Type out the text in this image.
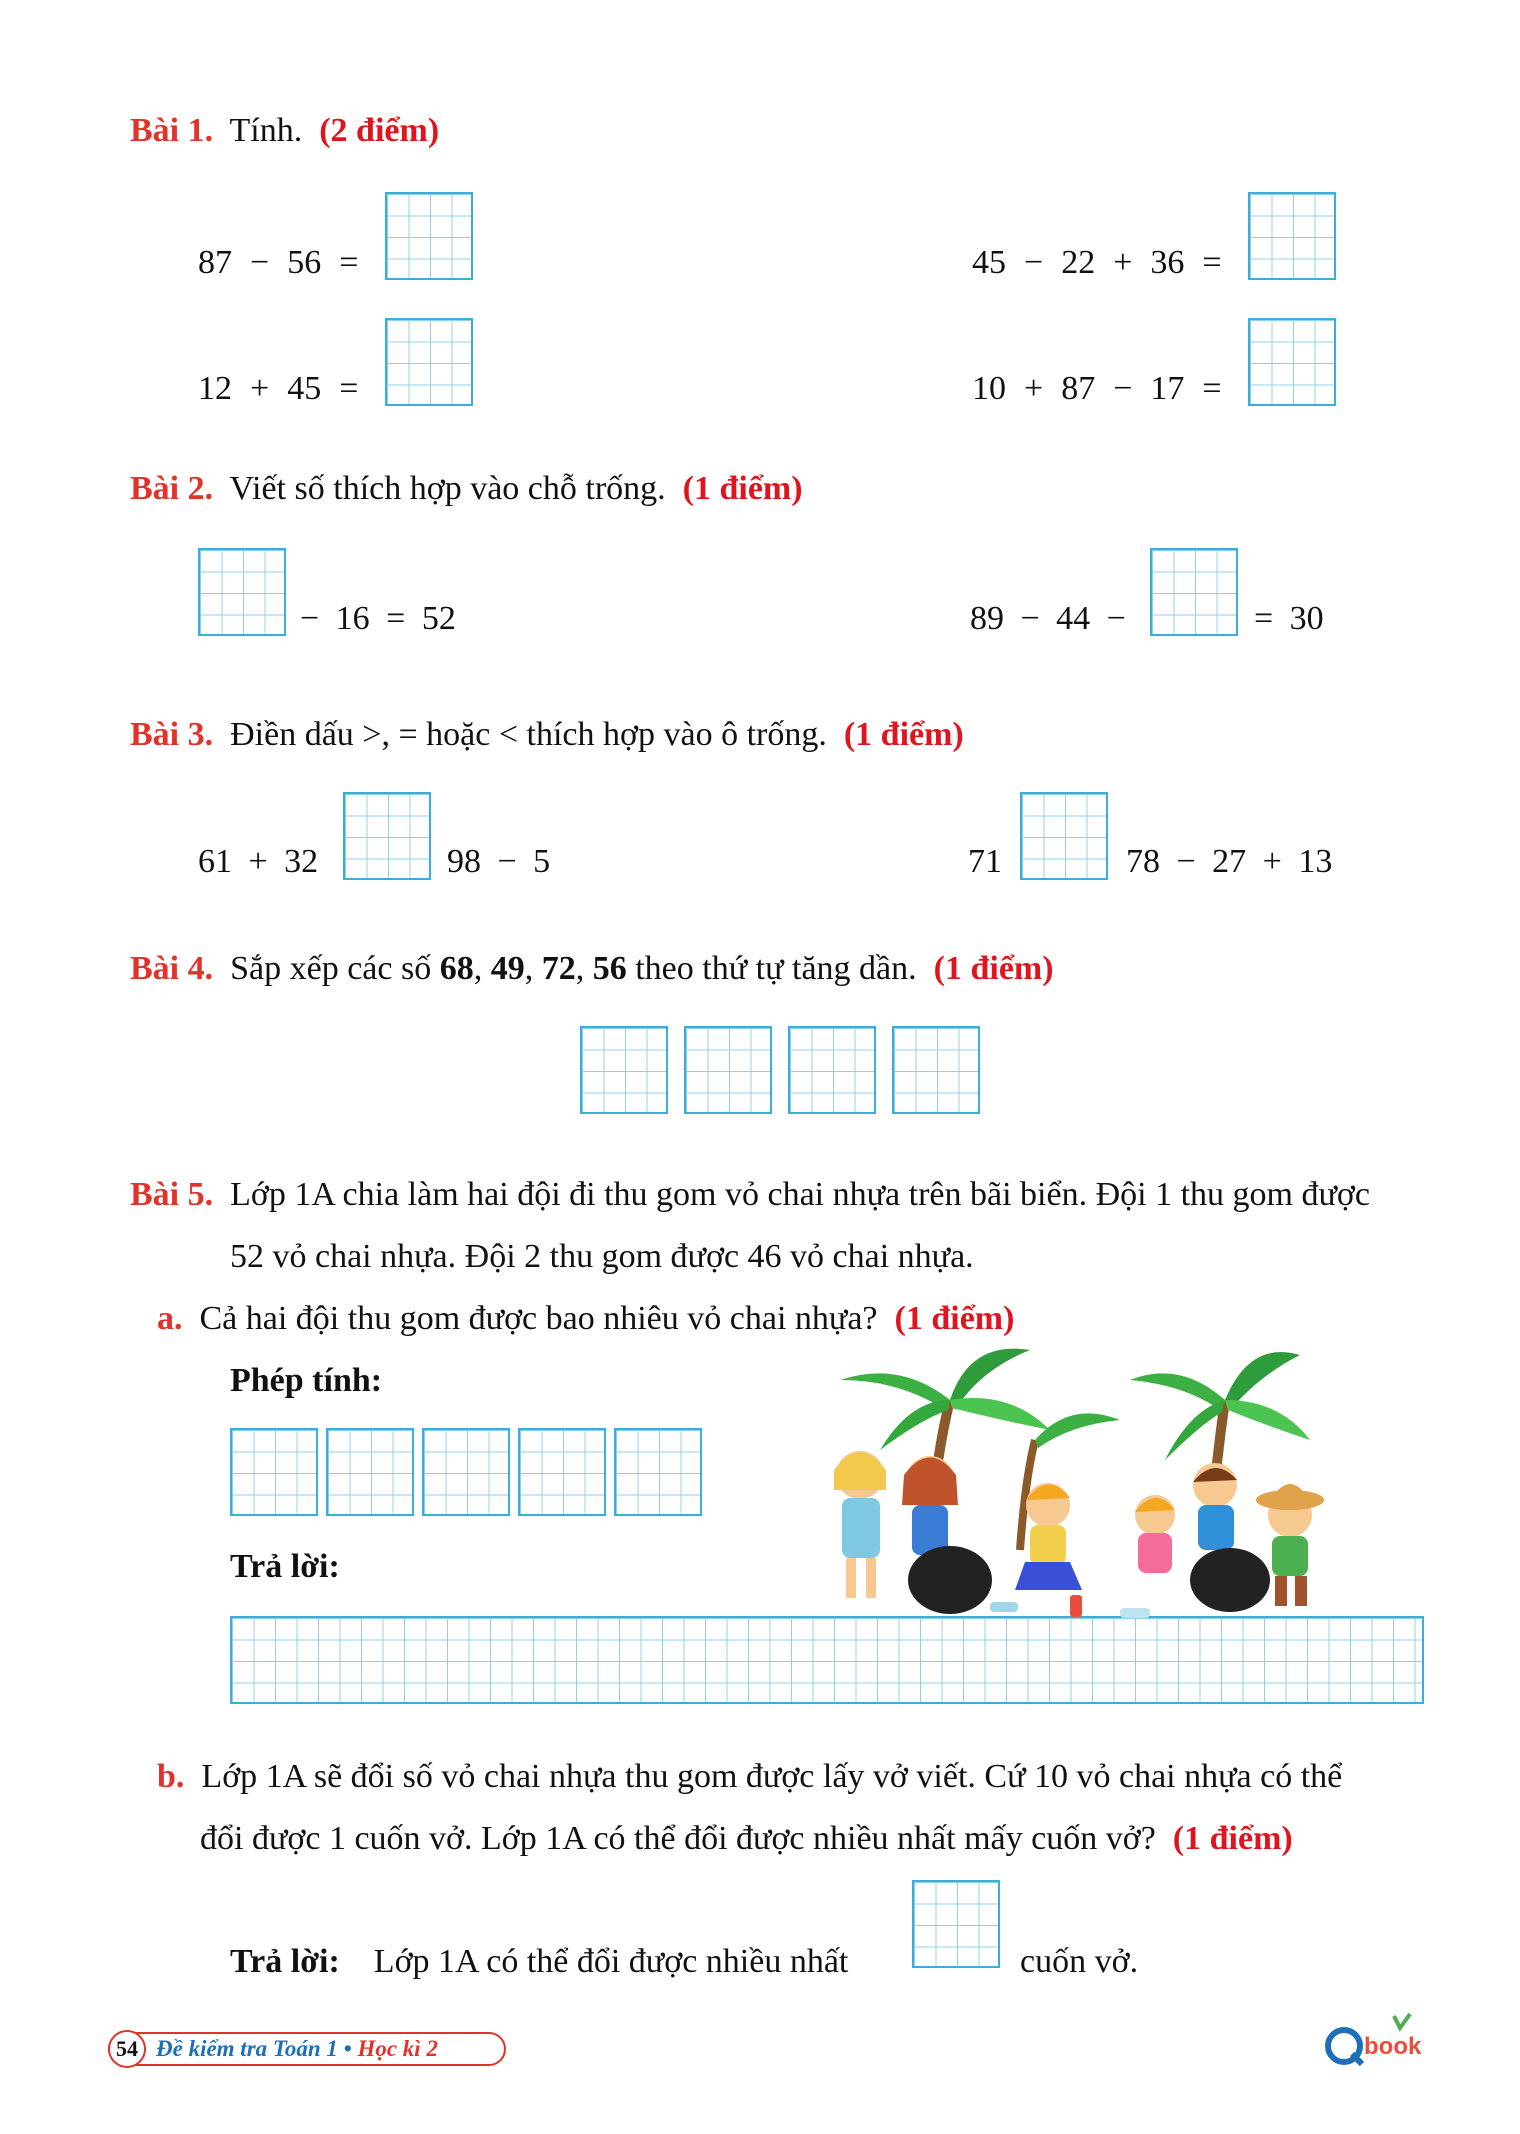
Bài 1. Tính. (2 điểm)
87 − 56 =	45 − 22 + 36 =
12 + 45 =	10 + 87 − 17 =
Bài 2. Viết số thích hợp vào chỗ trống. (1 điểm)
− 16 = 52	89 − 44 −	= 30
Bài 3. Điền dấu >, = hoặc < thích hợp vào ô trống. (1 điểm)
61 + 32	98 − 5	71	78 − 27 + 13
Bài 4. Sắp xếp các số 68, 49, 72, 56 theo thứ tự tăng dần. (1 điểm)
Bài 5. Lớp 1A chia làm hai đội đi thu gom vỏ chai nhựa trên bãi biển. Đội 1 thu gom được
52 vỏ chai nhựa. Đội 2 thu gom được 46 vỏ chai nhựa.
a. Cả hai đội thu gom được bao nhiêu vỏ chai nhựa? (1 điểm)
Phép tính:
Trả lời:
b. Lớp 1A sẽ đổi số vỏ chai nhựa thu gom được lấy vở viết. Cứ 10 vỏ chai nhựa có thể
đổi được 1 cuốn vở. Lớp 1A có thể đổi được nhiều nhất mấy cuốn vở? (1 điểm)
Trả lời: Lớp 1A có thể đổi được nhiều nhất	cuốn vở.
54 Đề kiểm tra Toán 1 • Học kì 2	book
